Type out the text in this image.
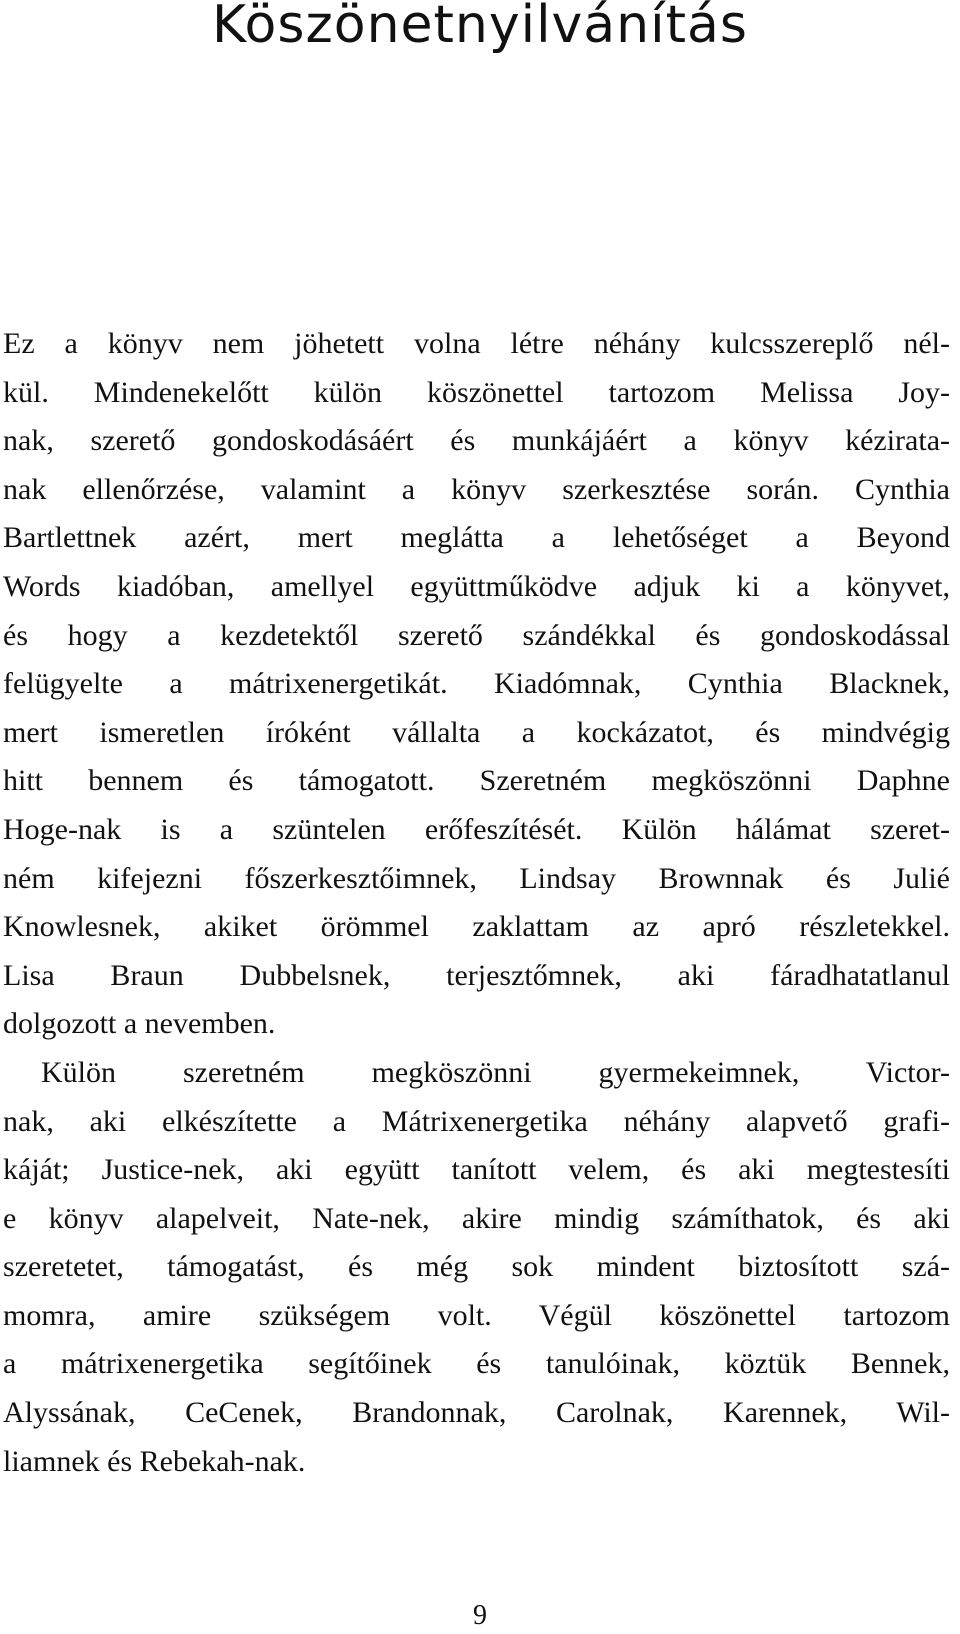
Köszönetnyilvánítás
Ez a könyv nem jöhetett volna létre néhány kulcsszereplő nél-
kül. Mindenekelőtt külön köszönettel tartozom Melissa Joy-
nak, szerető gondoskodásáért és munkájáért a könyv kézirata-
nak ellenőrzése, valamint a könyv szerkesztése során. Cynthia
Bartlettnek azért, mert meglátta a lehetőséget a Beyond
Words kiadóban, amellyel együttműködve adjuk ki a könyvet,
és hogy a kezdetektől szerető szándékkal és gondoskodással
felügyelte a mátrixenergetikát. Kiadómnak, Cynthia Blacknek,
mert ismeretlen íróként vállalta a kockázatot, és mindvégig
hitt bennem és támogatott. Szeretném megköszönni Daphne
Hoge-nak is a szüntelen erőfeszítését. Külön hálámat szeret-
ném kifejezni főszerkesztőimnek, Lindsay Brownnak és Julié
Knowlesnek, akiket örömmel zaklattam az apró részletekkel.
Lisa Braun Dubbelsnek, terjesztőmnek, aki fáradhatatlanul
dolgozott a nevemben.
Külön szeretném megköszönni gyermekeimnek, Victor-
nak, aki elkészítette a Mátrixenergetika néhány alapvető grafi-
káját; Justice-nek, aki együtt tanított velem, és aki megtestesíti
e könyv alapelveit, Nate-nek, akire mindig számíthatok, és aki
szeretetet, támogatást, és még sok mindent biztosított szá-
momra, amire szükségem volt. Végül köszönettel tartozom
a mátrixenergetika segítőinek és tanulóinak, köztük Bennek,
Alyssának, CeCenek, Brandonnak, Carolnak, Karennek, Wil-
liamnek és Rebekah-nak.
9
